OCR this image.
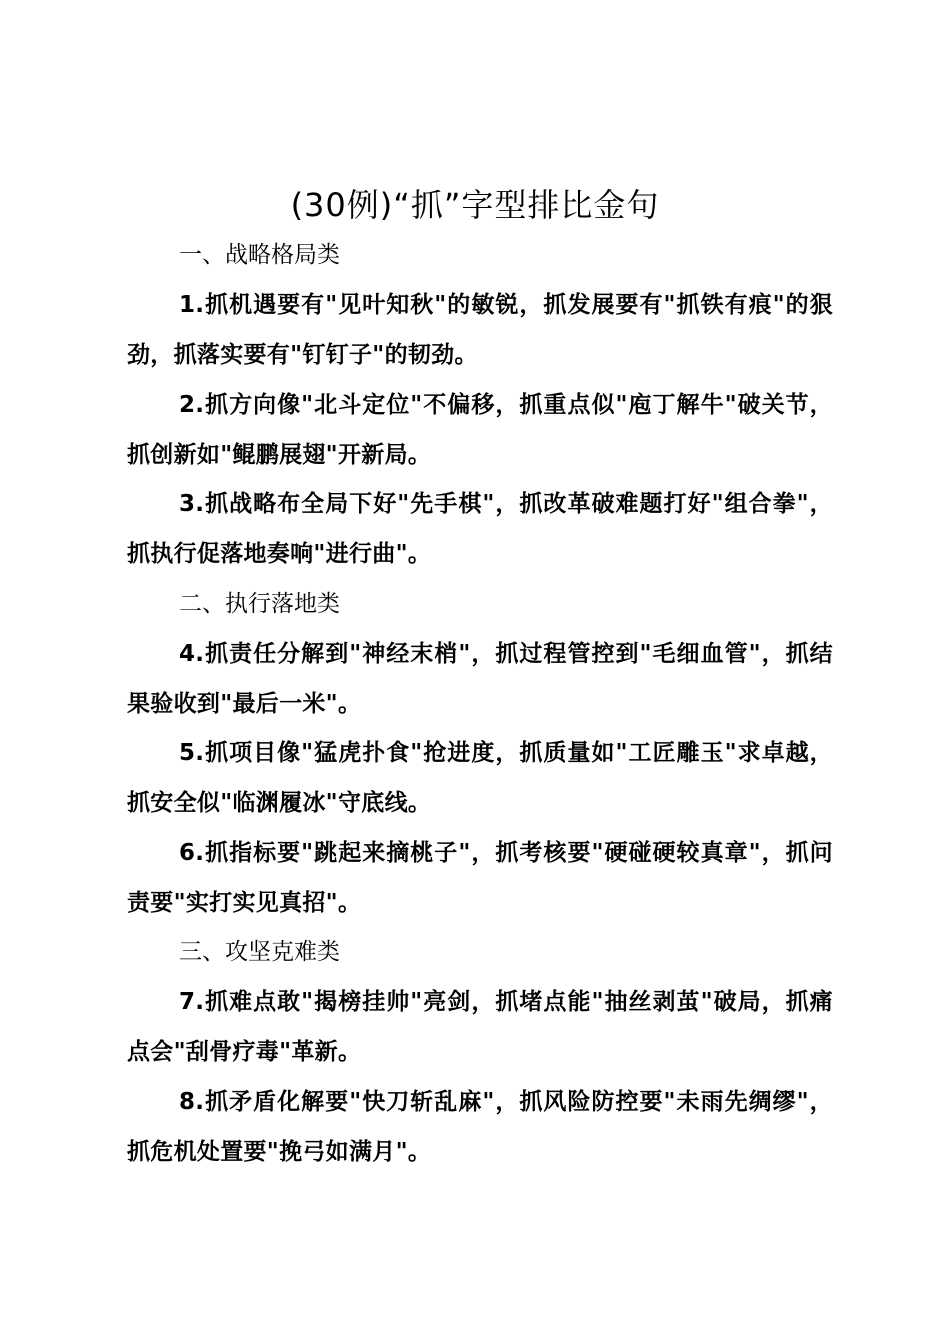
(30例)“抓”字型排比金句
一、战略格局类
1.抓机遇要有"见叶知秋"的敏锐，抓发展要有"抓铁有痕"的狠劲，抓落实要有"钉钉子"的韧劲。
2.抓方向像"北斗定位"不偏移，抓重点似"庖丁解牛"破关节，抓创新如"鲲鹏展翅"开新局。
3.抓战略布全局下好"先手棋"，抓改革破难题打好"组合拳"，抓执行促落地奏响"进行曲"。
二、执行落地类
4.抓责任分解到"神经末梢"，抓过程管控到"毛细血管"，抓结果验收到"最后一米"。
5.抓项目像"猛虎扑食"抢进度，抓质量如"工匠雕玉"求卓越，抓安全似"临渊履冰"守底线。
6.抓指标要"跳起来摘桃子"，抓考核要"硬碰硬较真章"，抓问责要"实打实见真招"。
三、攻坚克难类
7.抓难点敢"揭榜挂帅"亮剑，抓堵点能"抽丝剥茧"破局，抓痛点会"刮骨疗毒"革新。
8.抓矛盾化解要"快刀斩乱麻"，抓风险防控要"未雨先绸缪"，抓危机处置要"挽弓如满月"。
